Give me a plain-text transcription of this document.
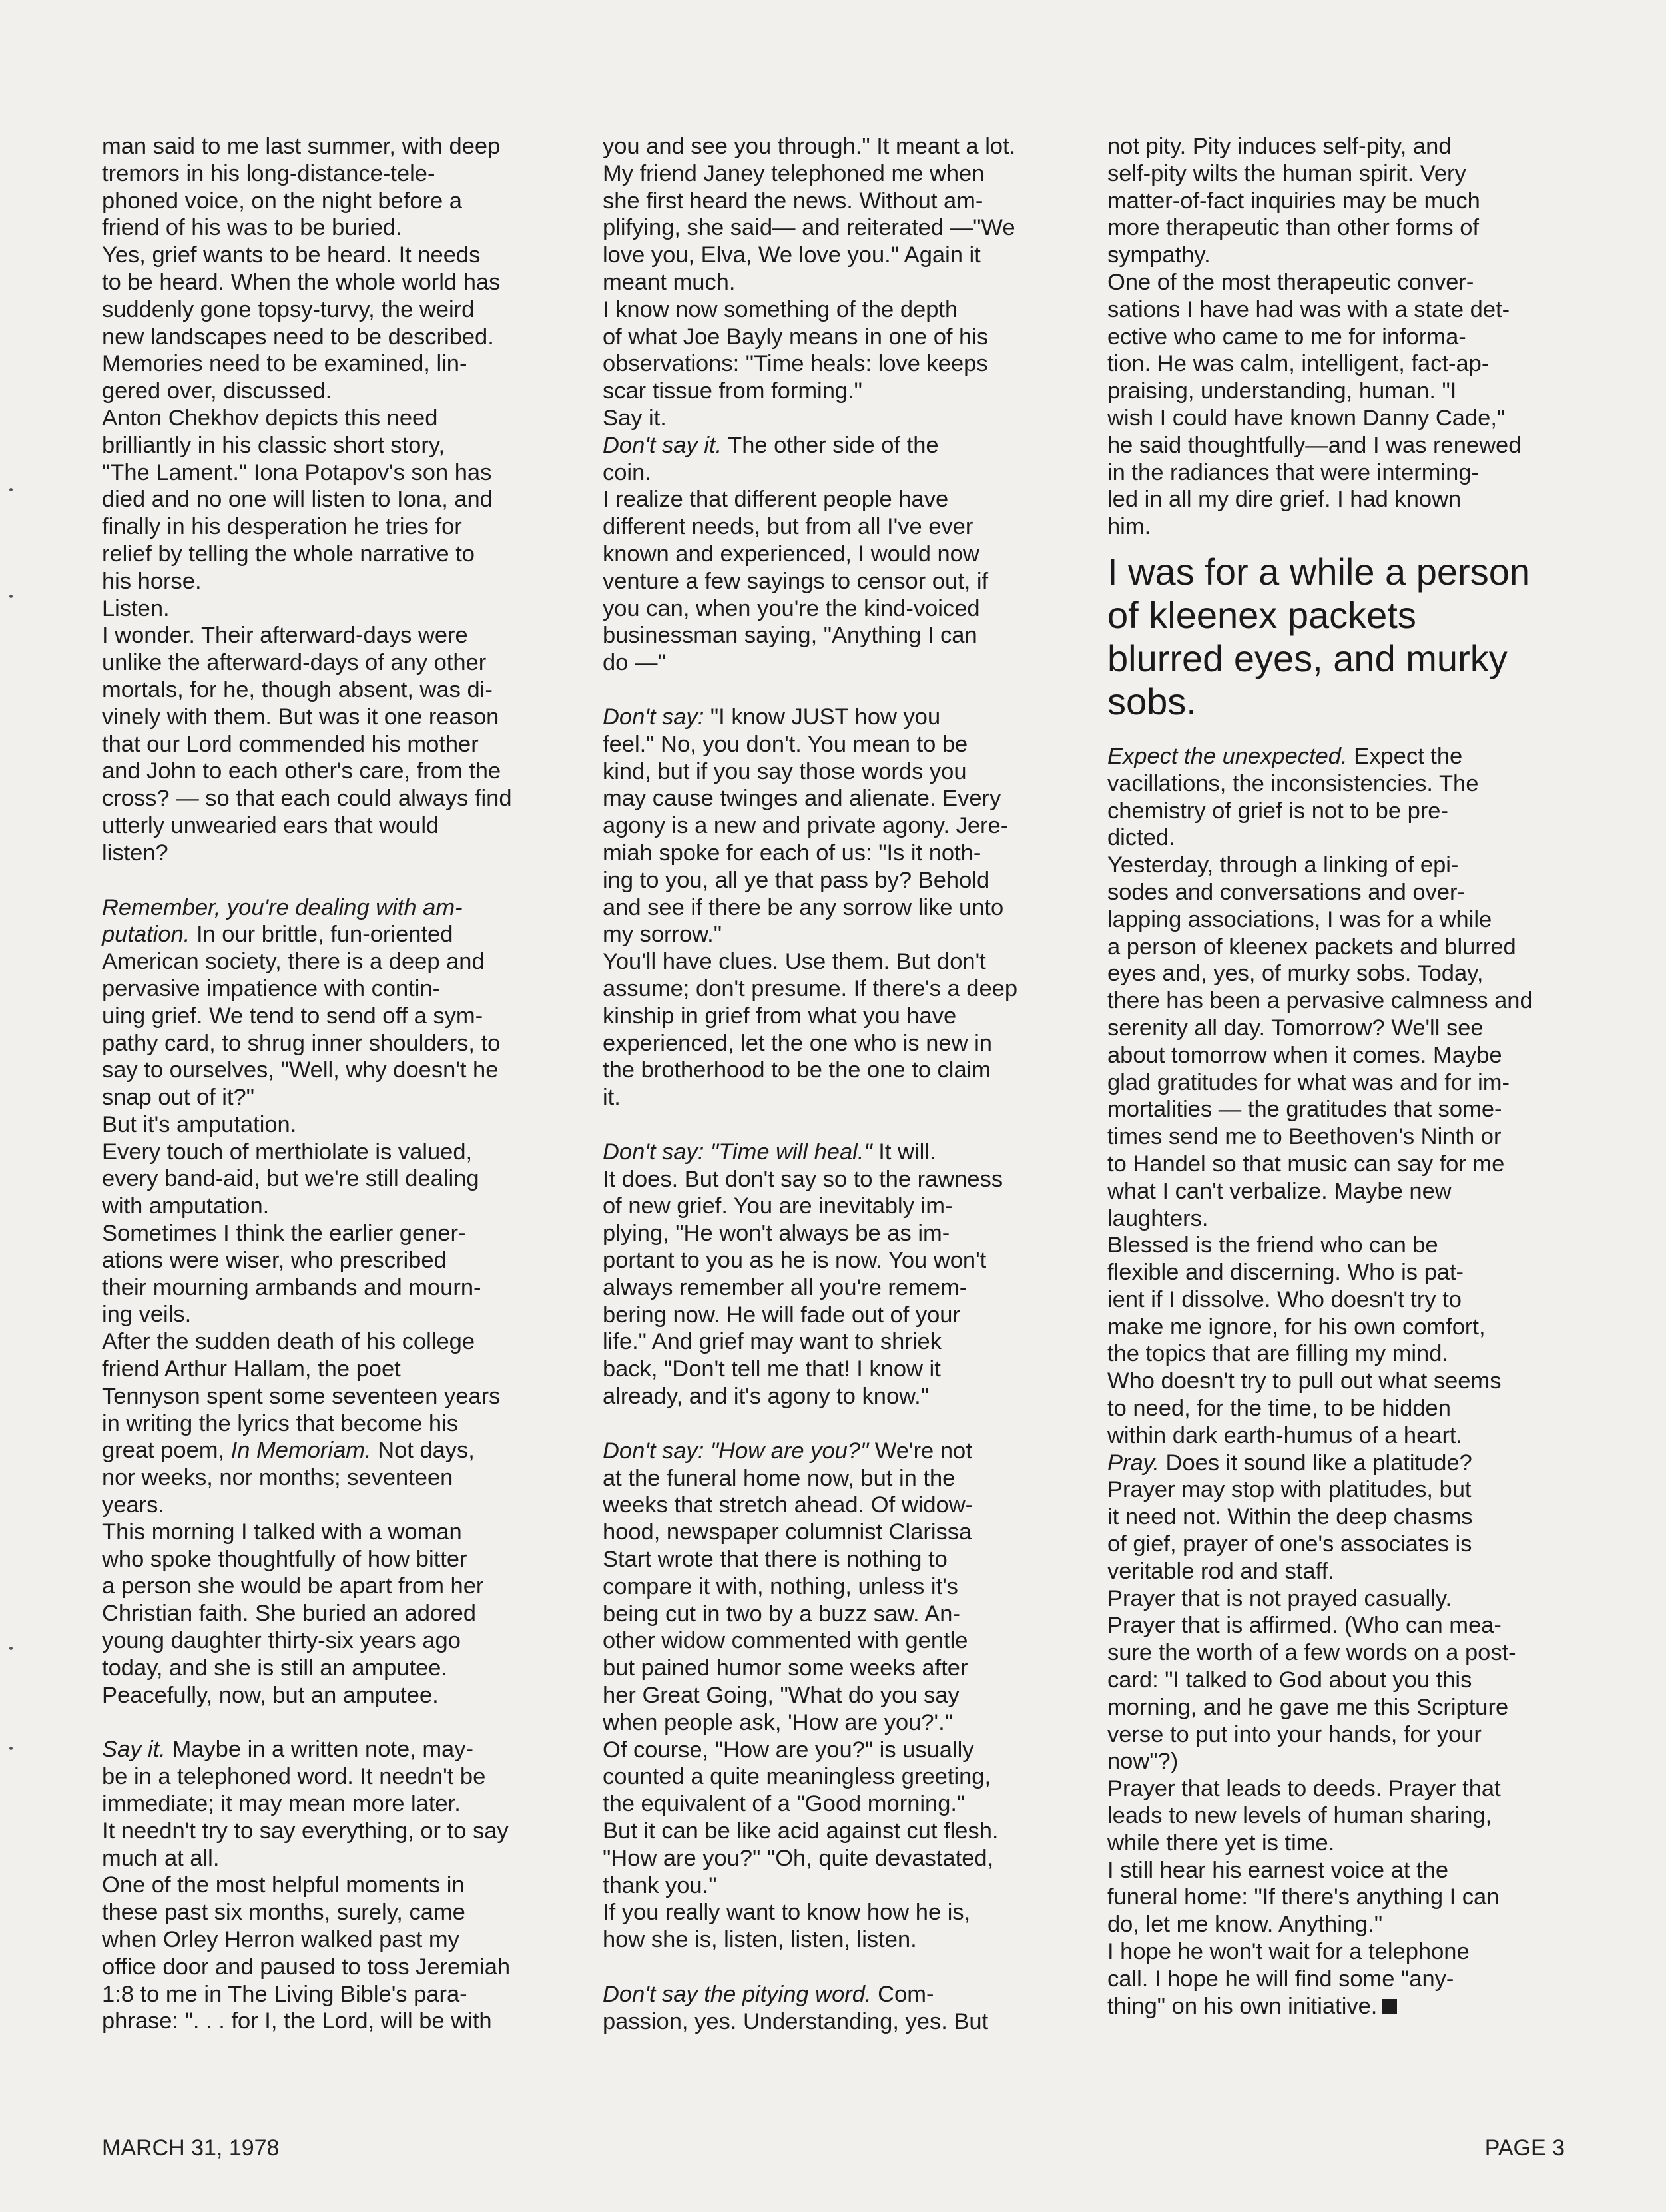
man said to me last summer, with deep
tremors in his long-distance-tele-
phoned voice, on the night before a
friend of his was to be buried.

Yes, grief wants to be heard. It needs
to be heard. When the whole world has
suddenly gone topsy-turvy, the weird
new landscapes need to be described.
Memories need to be examined, lin-
gered over, discussed.

Anton Chekhov depicts this need
brilliantly in his classic short story,
"The Lament." Iona Potapov's son has
died and no one will listen to Iona, and
finally in his desperation he tries for
relief by telling the whole narrative to
his horse.

Listen.

I wonder. Their afterward-days were
unlike the afterward-days of any other
mortals, for he, though absent, was di-
vinely with them. But was it one reason
that our Lord commended his mother
and John to each other's care, from the
cross? — so that each could always find
utterly unwearied ears that would
listen?

Remember, you're dealing with am-
putation. In our brittle, fun-oriented
American society, there is a deep and
pervasive impatience with contin-
uing grief. We tend to send off a sym-
pathy card, to shrug inner shoulders, to
say to ourselves, "Well, why doesn't he
snap out of it?"

But it's amputation.

Every touch of merthiolate is valued,
every band-aid, but we're still dealing
with amputation.

Sometimes I think the earlier gener-
ations were wiser, who prescribed
their mourning armbands and mourn-
ing veils.

After the sudden death of his college
friend Arthur Hallam, the poet
Tennyson spent some seventeen years
in writing the lyrics that become his
great poem, In Memoriam. Not days,
nor weeks, nor months; seventeen
years.

This morning I talked with a woman
who spoke thoughtfully of how bitter
a person she would be apart from her
Christian faith. She buried an adored
young daughter thirty-six years ago
today, and she is still an amputee.
Peacefully, now, but an amputee.

Say it. Maybe in a written note, may-
be in a telephoned word. It needn't be
immediate; it may mean more later.
It needn't try to say everything, or to say
much at all.

One of the most helpful moments in
these past six months, surely, came
when Orley Herron walked past my
office door and paused to toss Jeremiah
1:8 to me in The Living Bible's para-
phrase: ". . . for I, the Lord, will be with

you and see you through." It meant a lot.

My friend Janey telephoned me when
she first heard the news. Without am-
plifying, she said— and reiterated —"We
love you, Elva, We love you." Again it
meant much.

I know now something of the depth
of what Joe Bayly means in one of his
observations: "Time heals: love keeps
scar tissue from forming."

Say it.

Don't say it. The other side of the
coin.

I realize that different people have
different needs, but from all I've ever
known and experienced, I would now
venture a few sayings to censor out, if
you can, when you're the kind-voiced
businessman saying, "Anything I can
do —"

Don't say: "I know JUST how you
feel." No, you don't. You mean to be
kind, but if you say those words you
may cause twinges and alienate. Every
agony is a new and private agony. Jere-
miah spoke for each of us: "Is it noth-
ing to you, all ye that pass by? Behold
and see if there be any sorrow like unto
my sorrow."

You'll have clues. Use them. But don't
assume; don't presume. If there's a deep
kinship in grief from what you have
experienced, let the one who is new in
the brotherhood to be the one to claim
it.

Don't say: "Time will heal." It will.
It does. But don't say so to the rawness
of new grief. You are inevitably im-
plying, "He won't always be as im-
portant to you as he is now. You won't
always remember all you're remem-
bering now. He will fade out of your
life." And grief may want to shriek
back, "Don't tell me that! I know it
already, and it's agony to know."

Don't say: "How are you?" We're not
at the funeral home now, but in the
weeks that stretch ahead. Of widow-
hood, newspaper columnist Clarissa
Start wrote that there is nothing to
compare it with, nothing, unless it's
being cut in two by a buzz saw. An-
other widow commented with gentle
but pained humor some weeks after
her Great Going, "What do you say
when people ask, 'How are you?'."

Of course, "How are you?" is usually
counted a quite meaningless greeting,
the equivalent of a "Good morning."
But it can be like acid against cut flesh.
"How are you?" "Oh, quite devastated,
thank you."

If you really want to know how he is,
how she is, listen, listen, listen.

Don't say the pitying word. Com-
passion, yes. Understanding, yes. But

not pity. Pity induces self-pity, and
self-pity wilts the human spirit. Very
matter-of-fact inquiries may be much
more therapeutic than other forms of
sympathy.

One of the most therapeutic conver-
sations I have had was with a state det-
ective who came to me for informa-
tion. He was calm, intelligent, fact-ap-
praising, understanding, human. "I
wish I could have known Danny Cade,"
he said thoughtfully—and I was renewed
in the radiances that were interming-
led in all my dire grief. I had known
him.

I was for a while a person
of kleenex packets
blurred eyes, and murky
sobs.

Expect the unexpected. Expect the
vacillations, the inconsistencies. The
chemistry of grief is not to be pre-
dicted.

Yesterday, through a linking of epi-
sodes and conversations and over-
lapping associations, I was for a while
a person of kleenex packets and blurred
eyes and, yes, of murky sobs. Today,
there has been a pervasive calmness and
serenity all day. Tomorrow? We'll see
about tomorrow when it comes. Maybe
glad gratitudes for what was and for im-
mortalities — the gratitudes that some-
times send me to Beethoven's Ninth or
to Handel so that music can say for me
what I can't verbalize. Maybe new
laughters.

Blessed is the friend who can be
flexible and discerning. Who is pat-
ient if I dissolve. Who doesn't try to
make me ignore, for his own comfort,
the topics that are filling my mind.
Who doesn't try to pull out what seems
to need, for the time, to be hidden
within dark earth-humus of a heart.

Pray. Does it sound like a platitude?
Prayer may stop with platitudes, but
it need not. Within the deep chasms
of gief, prayer of one's associates is
veritable rod and staff.

Prayer that is not prayed casually.
Prayer that is affirmed. (Who can mea-
sure the worth of a few words on a post-
card: "I talked to God about you this
morning, and he gave me this Scripture
verse to put into your hands, for your
now"?)

Prayer that leads to deeds. Prayer that
leads to new levels of human sharing,
while there yet is time.

I still hear his earnest voice at the
funeral home: "If there's anything I can
do, let me know. Anything."

I hope he won't wait for a telephone
call. I hope he will find some "any-
thing" on his own initiative.

MARCH 31, 1978	PAGE 3
